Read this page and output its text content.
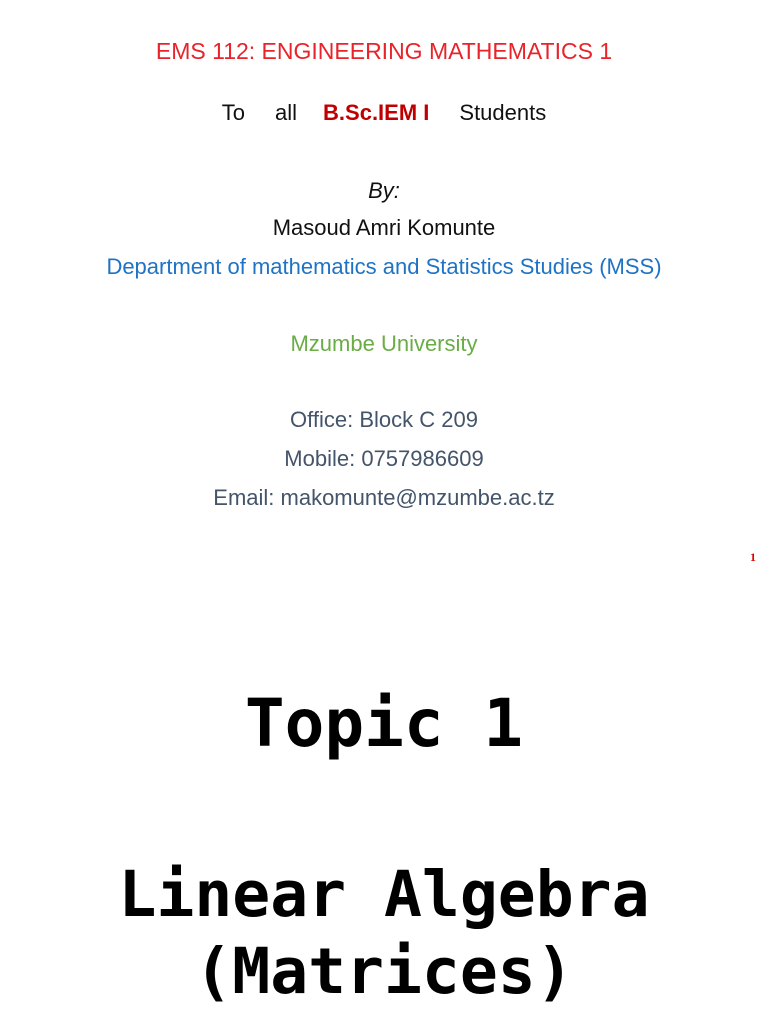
EMS 112: ENGINEERING MATHEMATICS 1
To all B.Sc.IEM I Students
By:
Masoud Amri Komunte
Department of mathematics and Statistics Studies (MSS)
Mzumbe University
Office: Block C 209
Mobile: 0757986609
Email: makomunte@mzumbe.ac.tz
1
Topic 1
Linear Algebra
(Matrices)
